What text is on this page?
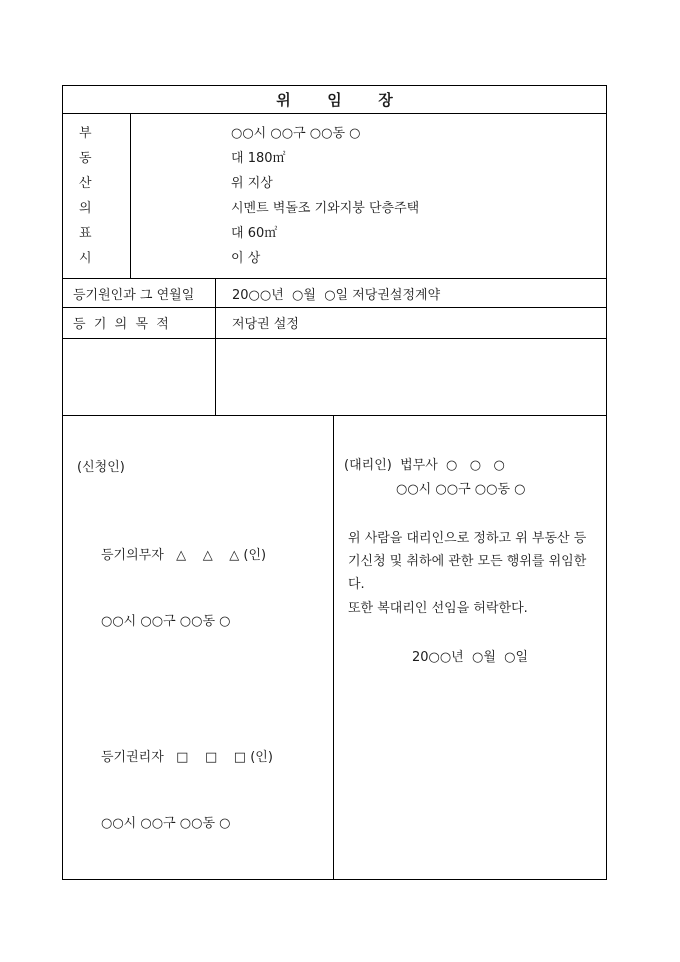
위       임       장
부
동
산
의
표
시
○○시 ○○구 ○○동 ○
대 180㎡
위 지상
시멘트 벽돌조 기와지붕 단층주택
대 60㎡
이 상
등기원인과 그 연월일	20○○년  ○월  ○일 저당권설정계약
등  기  의  목  적	저당권 설정
(신청인)

등기의무자   △    △    △ (인)

○○시 ○○구 ○○동 ○

등기권리자   □    □    □ (인)

○○시 ○○구 ○○동 ○

(대리인)  법무사  ○   ○   ○
○○시 ○○구 ○○동 ○

위 사람을 대리인으로 정하고 위 부동산 등기신청 및 취하에 관한 모든 행위를 위임한다.

또한 복대리인 선임을 허락한다.

20○○년  ○월  ○일
